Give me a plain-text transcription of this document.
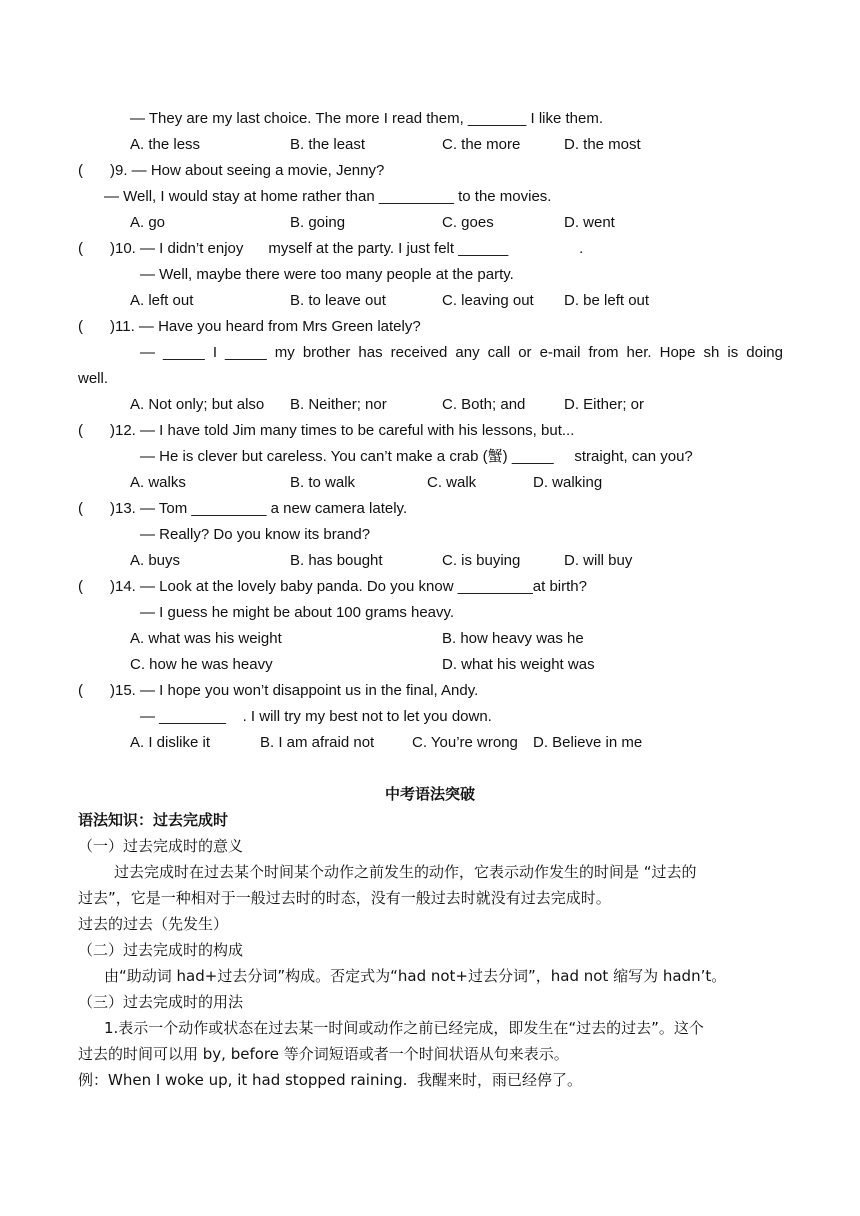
— They are my last choice. The more I read them, _______ I like them.
A. the less	B. the least	C. the more	D. the most
( )9. — How about seeing a movie, Jenny?
— Well, I would stay at home rather than _________ to the movies.
A. go	B. going	C. goes	D. went
( )10. — I didn’t enjoy      myself at the party. I just felt ______                 .
— Well, maybe there were too many people at the party.
A. left out	B. to leave out	C. leaving out D. be left out
( )11. — Have you heard from Mrs Green lately?
— _____ I _____ my brother has received any call or e-mail from her. Hope sh is doing
well.
A. Not only; but also B. Neither; nor	C. Both; and	D. Either; or
( )12. — I have told Jim many times to be careful with his lessons, but...
— He is clever but careless. You can’t make a crab (蟹) _____     straight, can you?
A. walks	B. to walk	C. walk	D. walking
( )13. — Tom _________ a new camera lately.
— Really? Do you know its brand?
A. buys	B. has bought	C. is buying	D. will buy
( )14. — Look at the lovely baby panda. Do you know _________at birth?
— I guess he might be about 100 grams heavy.
A. what was his weight	B. how heavy was he
C. how he was heavy	D. what his weight was
( )15. — I hope you won’t disappoint us in the final, Andy.
— ________    . I will try my best not to let you down.
A. I dislike it	B. I am afraid not	C. You’re wrong D. Believe in me
中考语法突破
语法知识：过去完成时
（一）过去完成时的意义
过去完成时在过去某个时间某个动作之前发生的动作，它表示动作发生的时间是 “过去的
过去”，它是一种相对于一般过去时的时态，没有一般过去时就没有过去完成时。
过去的过去（先发生）
（二）过去完成时的构成
由“助动词 had+过去分词”构成。否定式为“had not+过去分词”，had not 缩写为 hadn’t。
（三）过去完成时的用法
1.表示一个动作或状态在过去某一时间或动作之前已经完成，即发生在“过去的过去”。这个
过去的时间可以用 by, before 等介词短语或者一个时间状语从句来表示。
例：When I woke up, it had stopped raining.  我醒来时，雨已经停了。
